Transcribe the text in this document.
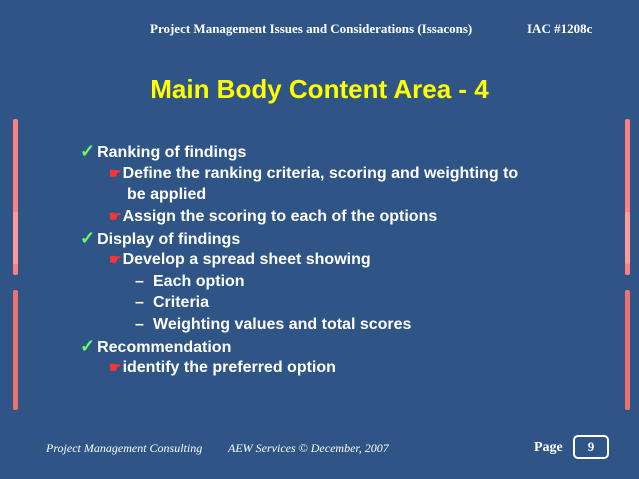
Project Management Issues and Considerations (Issacons)	IAC #1208c
Main Body Content Area - 4
✓ Ranking of findings
☛Define the ranking criteria, scoring and weighting to
be applied
☛Assign the scoring to each of the options
✓ Display of findings
☛Develop a spread sheet showing
– Each option
– Criteria
– Weighting values and total scores
✓ Recommendation
☛identify the preferred option
Project Management Consulting AEW Services © December, 2007	Page	9
